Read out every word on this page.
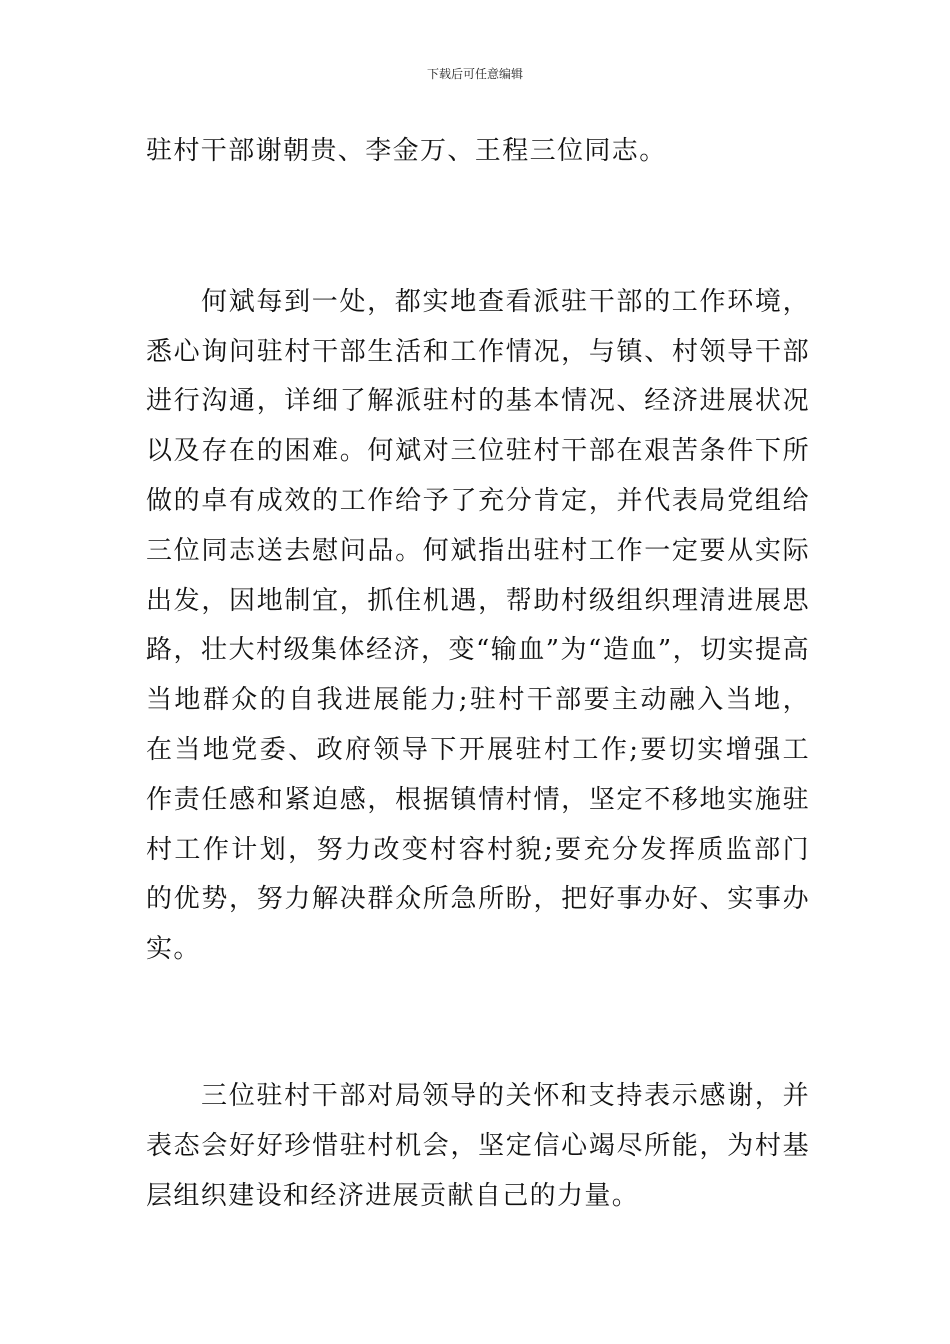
下载后可任意编辑

驻村干部谢朝贵、李金万、王程三位同志。

何斌每到一处，都实地查看派驻干部的工作环境，悉心询问驻村干部生活和工作情况，与镇、村领导干部进行沟通，详细了解派驻村的基本情况、经济进展状况以及存在的困难。何斌对三位驻村干部在艰苦条件下所做的卓有成效的工作给予了充分肯定，并代表局党组给三位同志送去慰问品。何斌指出驻村工作一定要从实际出发，因地制宜，抓住机遇，帮助村级组织理清进展思路，壮大村级集体经济，变“输血”为“造血”，切实提高当地群众的自我进展能力;驻村干部要主动融入当地，在当地党委、政府领导下开展驻村工作;要切实增强工作责任感和紧迫感，根据镇情村情，坚定不移地实施驻村工作计划，努力改变村容村貌;要充分发挥质监部门的优势，努力解决群众所急所盼，把好事办好、实事办实。

三位驻村干部对局领导的关怀和支持表示感谢，并表态会好好珍惜驻村机会，坚定信心竭尽所能，为村基层组织建设和经济进展贡献自己的力量。
